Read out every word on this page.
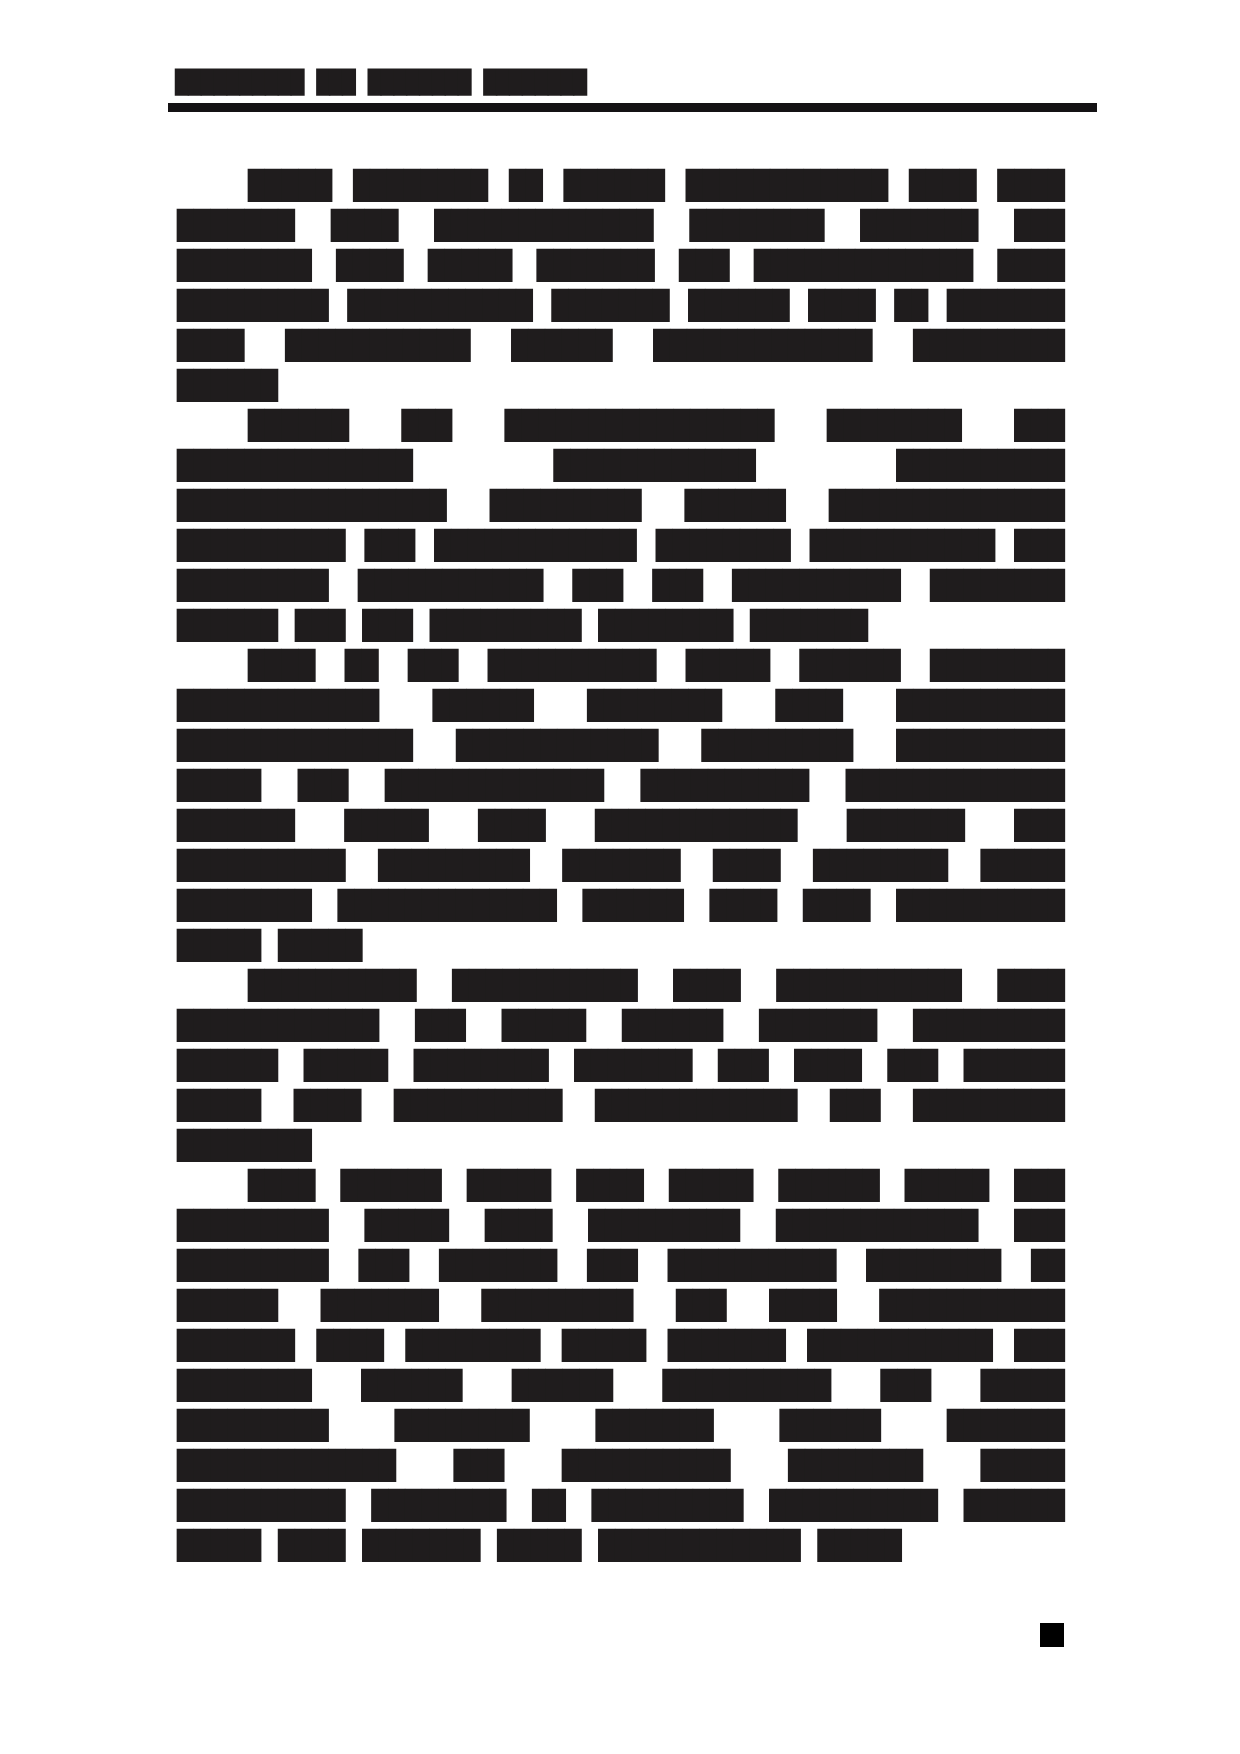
██████████ ███ ████████ ████████

█████ ████████ ██ ██████ ████████████ ████ ████ ███████ ████ █████████████ ████████ ███████ ███ ████████ ████ █████ ███████ ███ █████████████ ████ █████████ ███████████ ███████ ██████ ████ ██ ███████ ████ ███████████ ██████ █████████████ █████████ ██████

██████ ███ ████████████████ ████████ ███ ██████████████ ████████████ ██████████ ████████████████ █████████ ██████ ██████████████ ██████████ ███ ████████████ ████████ ███████████ ███ █████████ ███████████ ███ ███ ██████████ ████████ ██████ ███ ███ █████████ ████████ ███████

████ ██ ███ ██████████ █████ ██████ ████████ ████████████ ██████ ████████ ████ ██████████ ██████████████ ████████████ █████████ ██████████ █████ ███ █████████████ ██████████ █████████████ ███████ █████ ████ ████████████ ███████ ███ ██████████ █████████ ███████ ████ ████████ █████ ████████ █████████████ ██████ ████ ████ ██████████ █████ █████

██████████ ███████████ ████ ███████████ ████ ████████████ ███ █████ ██████ ███████ █████████ ██████ █████ ████████ ███████ ███ ████ ███ ██████ █████ ████ ██████████ ████████████ ███ █████████ ████████

████ ██████ █████ ████ █████ ██████ █████ ███ █████████ █████ ████ █████████ ████████████ ███ █████████ ███ ███████ ███ ██████████ ████████ ██ ██████ ███████ █████████ ███ ████ ███████████ ███████ ████ ████████ █████ ███████ ███████████ ███ ████████ ██████ ██████ ██████████ ███ █████ █████████ ████████ ███████ ██████ ███████ █████████████ ███ ██████████ ████████ █████ ██████████ ████████ ██ █████████ ██████████ ██████ █████ ████ ███████ █████ ████████████ █████
